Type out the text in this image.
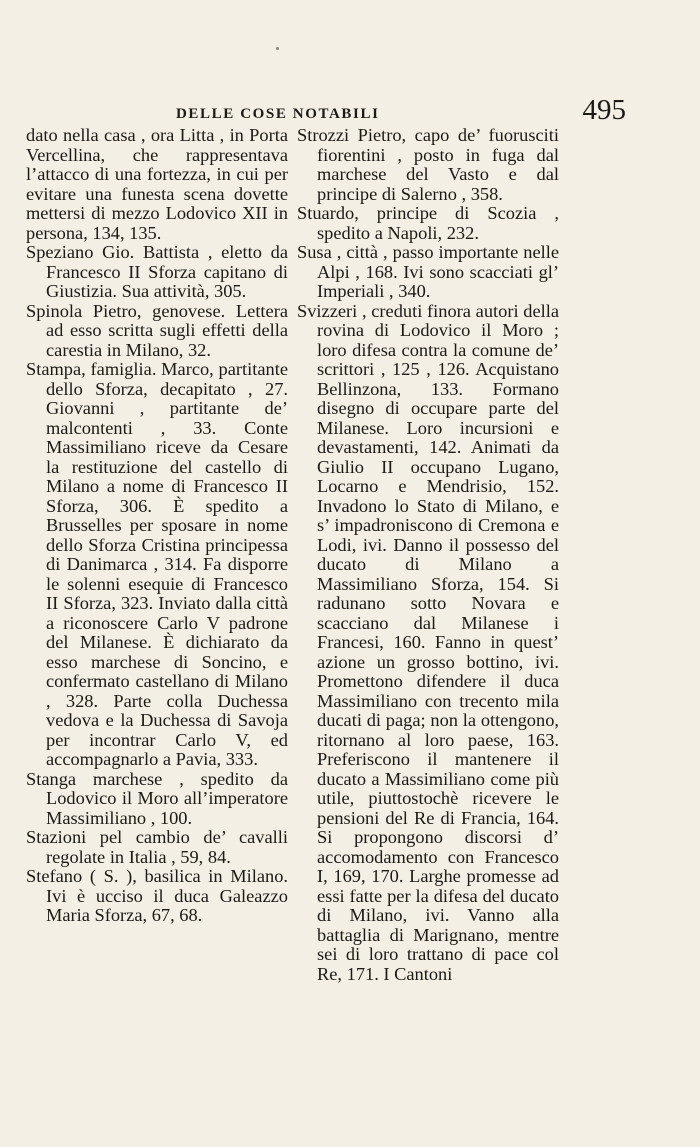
DELLE COSE NOTABILI	495

dato nella casa , ora Litta , in Porta Vercellina, che rappresentava l’attacco di una fortezza, in cui per evitare una funesta scena dovette mettersi di mezzo Lodovico XII in persona, 134, 135.

Speziano Gio. Battista , eletto da Francesco II Sforza capitano di Giustizia. Sua attività, 305.

Spinola Pietro, genovese. Lettera ad esso scritta sugli effetti della carestia in Milano, 32.

Stampa, famiglia. Marco, partitante dello Sforza, decapitato , 27. Giovanni , partitante de’ malcontenti , 33. Conte Massimiliano riceve da Cesare la restituzione del castello di Milano a nome di Francesco II Sforza, 306. È spedito a Brusselles per sposare in nome dello Sforza Cristina principessa di Danimarca , 314. Fa disporre le solenni esequie di Francesco II Sforza, 323. Inviato dalla città a riconoscere Carlo V padrone del Milanese. È dichiarato da esso marchese di Soncino, e confermato castellano di Milano , 328. Parte colla Duchessa vedova e la Duchessa di Savoja per incontrar Carlo V, ed accompagnarlo a Pavia, 333.

Stanga marchese , spedito da Lodovico il Moro all’imperatore Massimiliano , 100.

Stazioni pel cambio de’ cavalli regolate in Italia , 59, 84.

Stefano ( S. ), basilica in Milano. Ivi è ucciso il duca Galeazzo Maria Sforza, 67, 68.

Strozzi Pietro, capo de’ fuorusciti fiorentini , posto in fuga dal marchese del Vasto e dal principe di Salerno , 358.

Stuardo, principe di Scozia , spedito a Napoli, 232.

Susa , città , passo importante nelle Alpi , 168. Ivi sono scacciati gl’ Imperiali , 340.

Svizzeri , creduti finora autori della rovina di Lodovico il Moro ; loro difesa contra la comune de’ scrittori , 125 , 126. Acquistano Bellinzona, 133. Formano disegno di occupare parte del Milanese. Loro incursioni e devastamenti, 142. Animati da Giulio II occupano Lugano, Locarno e Mendrisio, 152. Invadono lo Stato di Milano, e s’ impadroniscono di Cremona e Lodi, ivi. Danno il possesso del ducato di Milano a Massimiliano Sforza, 154. Si radunano sotto Novara e scacciano dal Milanese i Francesi, 160. Fanno in quest’ azione un grosso bottino, ivi. Promettono difendere il duca Massimiliano con trecento mila ducati di paga; non la ottengono, ritornano al loro paese, 163. Preferiscono il mantenere il ducato a Massimiliano come più utile, piuttostochè ricevere le pensioni del Re di Francia, 164. Si propongono discorsi d’ accomodamento con Francesco I, 169, 170. Larghe promesse ad essi fatte per la difesa del ducato di Milano, ivi. Vanno alla battaglia di Marignano, mentre sei di loro trattano di pace col Re, 171. I Cantoni
